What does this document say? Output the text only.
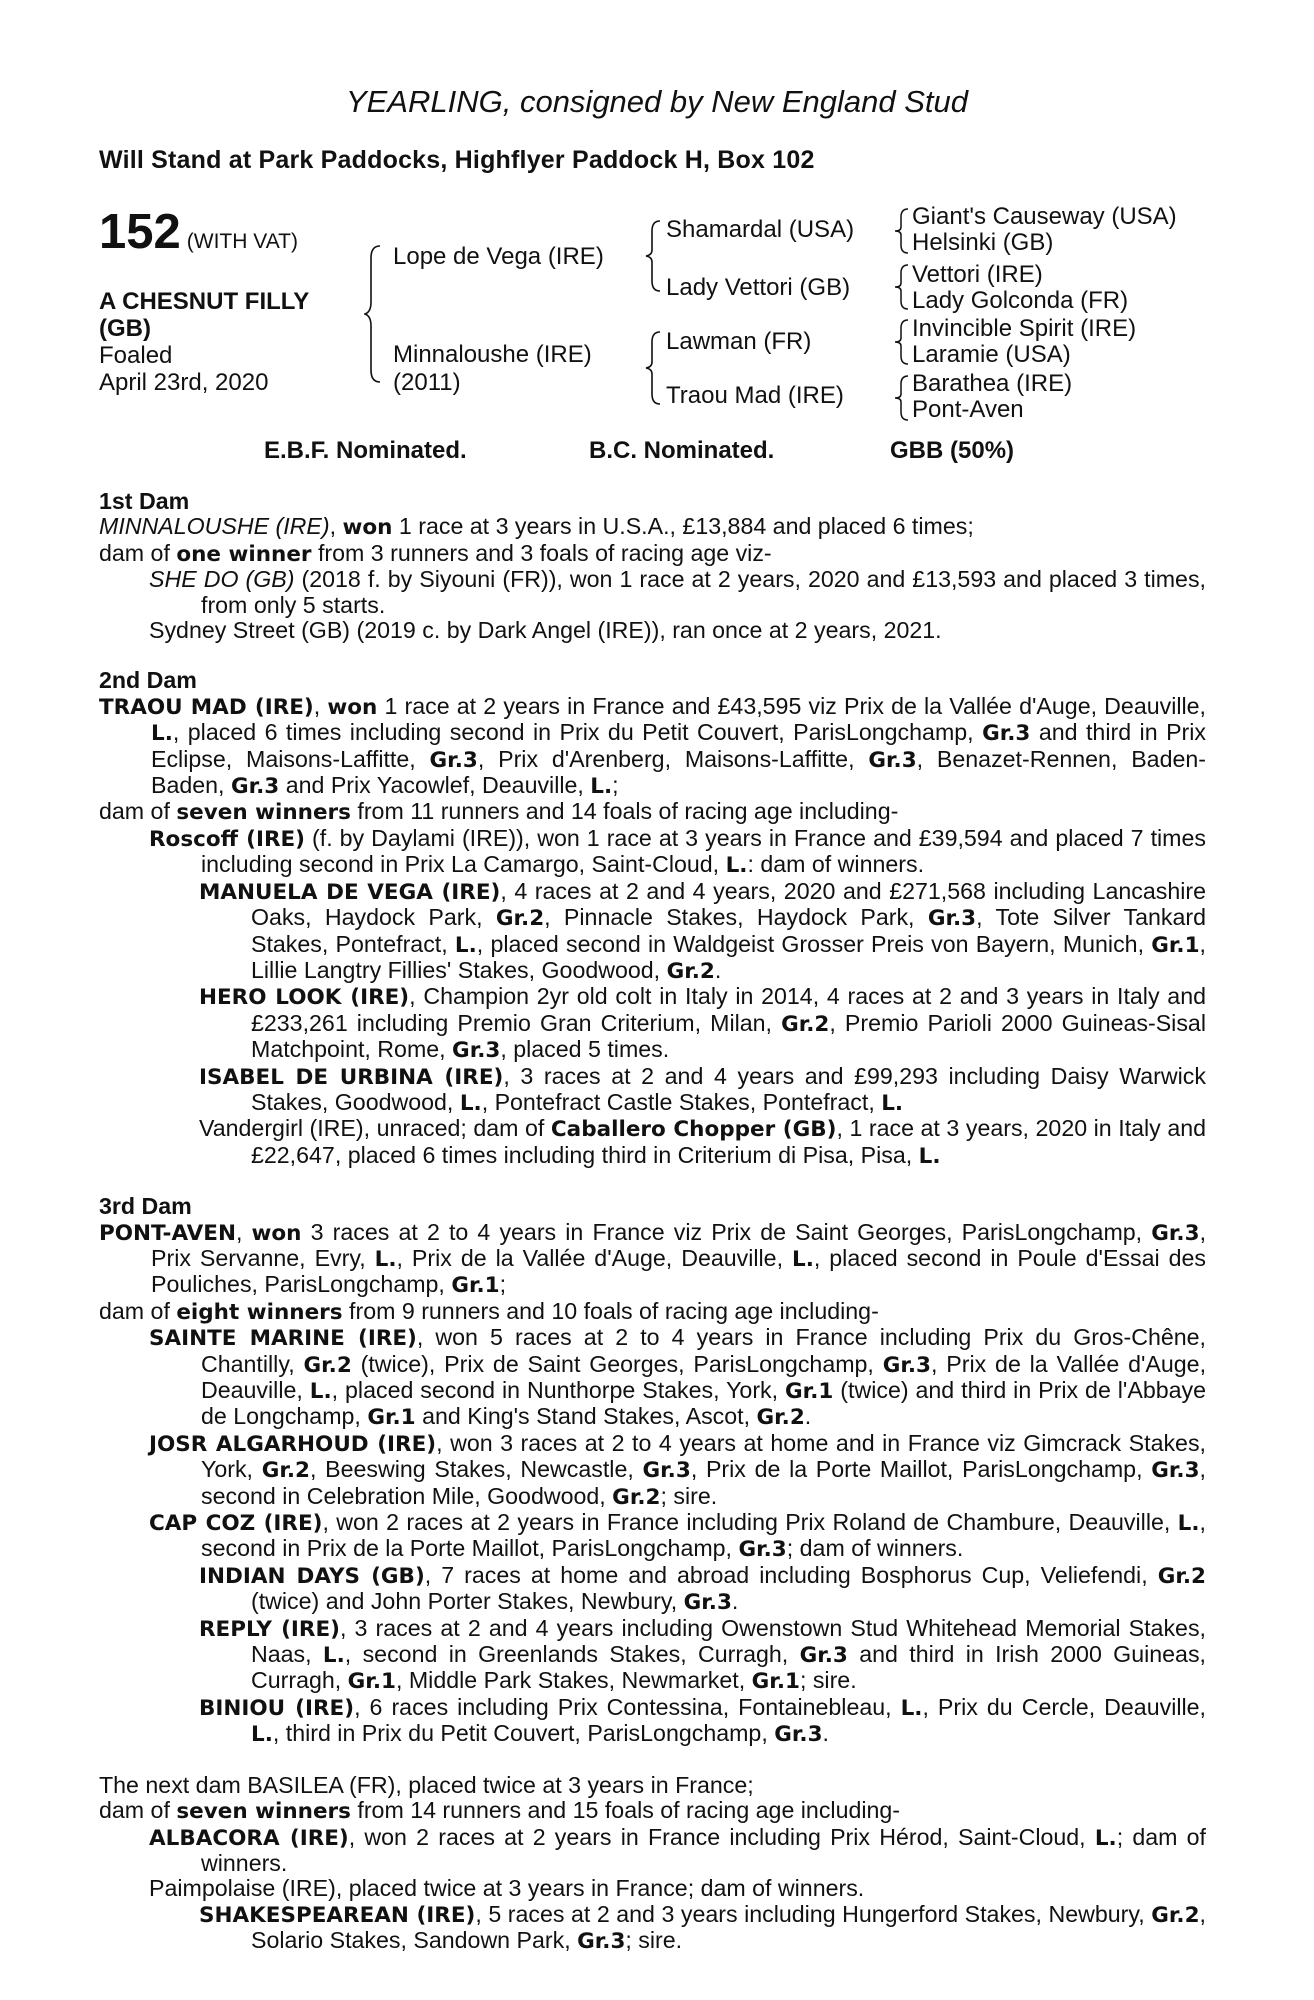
YEARLING, consigned by New England Stud
Will Stand at Park Paddocks, Highflyer Paddock H, Box 102
152 (WITH VAT)
A CHESNUT FILLY
(GB)
Foaled
April 23rd, 2020
Lope de Vega (IRE)
Minnaloushe (IRE)
(2011)
Shamardal (USA)
Lady Vettori (GB)
Lawman (FR)
Traou Mad (IRE)
Giant's Causeway (USA)
Helsinki (GB)
Vettori (IRE)
Lady Golconda (FR)
Invincible Spirit (IRE)
Laramie (USA)
Barathea (IRE)
Pont-Aven
E.B.F. Nominated.	B.C. Nominated.	GBB (50%)
1st Dam

MINNALOUSHE (IRE), won 1 race at 3 years in U.S.A., £13,884 and placed 6 times;

dam of one winner from 3 runners and 3 foals of racing age viz-

SHE DO (GB) (2018 f. by Siyouni (FR)), won 1 race at 2 years, 2020 and £13,593 and placed 3 times, from only 5 starts.

Sydney Street (GB) (2019 c. by Dark Angel (IRE)), ran once at 2 years, 2021.

2nd Dam

TRAOU MAD (IRE), won 1 race at 2 years in France and £43,595 viz Prix de la Vallée d'Auge, Deauville, L., placed 6 times including second in Prix du Petit Couvert, ParisLongchamp, Gr.3 and third in Prix Eclipse, Maisons-Laffitte, Gr.3, Prix d'Arenberg, Maisons-Laffitte, Gr.3, Benazet-Rennen, Baden-Baden, Gr.3 and Prix Yacowlef, Deauville, L.;

dam of seven winners from 11 runners and 14 foals of racing age including-

Roscoff (IRE) (f. by Daylami (IRE)), won 1 race at 3 years in France and £39,594 and placed 7 times including second in Prix La Camargo, Saint-Cloud, L.: dam of winners.

MANUELA DE VEGA (IRE), 4 races at 2 and 4 years, 2020 and £271,568 including Lancashire Oaks, Haydock Park, Gr.2, Pinnacle Stakes, Haydock Park, Gr.3, Tote Silver Tankard Stakes, Pontefract, L., placed second in Waldgeist Grosser Preis von Bayern, Munich, Gr.1, Lillie Langtry Fillies' Stakes, Goodwood, Gr.2.

HERO LOOK (IRE), Champion 2yr old colt in Italy in 2014, 4 races at 2 and 3 years in Italy and £233,261 including Premio Gran Criterium, Milan, Gr.2, Premio Parioli 2000 Guineas-Sisal Matchpoint, Rome, Gr.3, placed 5 times.

ISABEL DE URBINA (IRE), 3 races at 2 and 4 years and £99,293 including Daisy Warwick Stakes, Goodwood, L., Pontefract Castle Stakes, Pontefract, L.

Vandergirl (IRE), unraced; dam of Caballero Chopper (GB), 1 race at 3 years, 2020 in Italy and £22,647, placed 6 times including third in Criterium di Pisa, Pisa, L.

3rd Dam

PONT-AVEN, won 3 races at 2 to 4 years in France viz Prix de Saint Georges, ParisLongchamp, Gr.3, Prix Servanne, Evry, L., Prix de la Vallée d'Auge, Deauville, L., placed second in Poule d'Essai des Pouliches, ParisLongchamp, Gr.1;

dam of eight winners from 9 runners and 10 foals of racing age including-

SAINTE MARINE (IRE), won 5 races at 2 to 4 years in France including Prix du Gros-Chêne, Chantilly, Gr.2 (twice), Prix de Saint Georges, ParisLongchamp, Gr.3, Prix de la Vallée d'Auge, Deauville, L., placed second in Nunthorpe Stakes, York, Gr.1 (twice) and third in Prix de l'Abbaye de Longchamp, Gr.1 and King's Stand Stakes, Ascot, Gr.2.

JOSR ALGARHOUD (IRE), won 3 races at 2 to 4 years at home and in France viz Gimcrack Stakes, York, Gr.2, Beeswing Stakes, Newcastle, Gr.3, Prix de la Porte Maillot, ParisLongchamp, Gr.3, second in Celebration Mile, Goodwood, Gr.2; sire.

CAP COZ (IRE), won 2 races at 2 years in France including Prix Roland de Chambure, Deauville, L., second in Prix de la Porte Maillot, ParisLongchamp, Gr.3; dam of winners.

INDIAN DAYS (GB), 7 races at home and abroad including Bosphorus Cup, Veliefendi, Gr.2 (twice) and John Porter Stakes, Newbury, Gr.3.

REPLY (IRE), 3 races at 2 and 4 years including Owenstown Stud Whitehead Memorial Stakes, Naas, L., second in Greenlands Stakes, Curragh, Gr.3 and third in Irish 2000 Guineas, Curragh, Gr.1, Middle Park Stakes, Newmarket, Gr.1; sire.

BINIOU (IRE), 6 races including Prix Contessina, Fontainebleau, L., Prix du Cercle, Deauville, L., third in Prix du Petit Couvert, ParisLongchamp, Gr.3.

The next dam BASILEA (FR), placed twice at 3 years in France;

dam of seven winners from 14 runners and 15 foals of racing age including-

ALBACORA (IRE), won 2 races at 2 years in France including Prix Hérod, Saint-Cloud, L.; dam of winners.

Paimpolaise (IRE), placed twice at 3 years in France; dam of winners.

SHAKESPEAREAN (IRE), 5 races at 2 and 3 years including Hungerford Stakes, Newbury, Gr.2, Solario Stakes, Sandown Park, Gr.3; sire.
